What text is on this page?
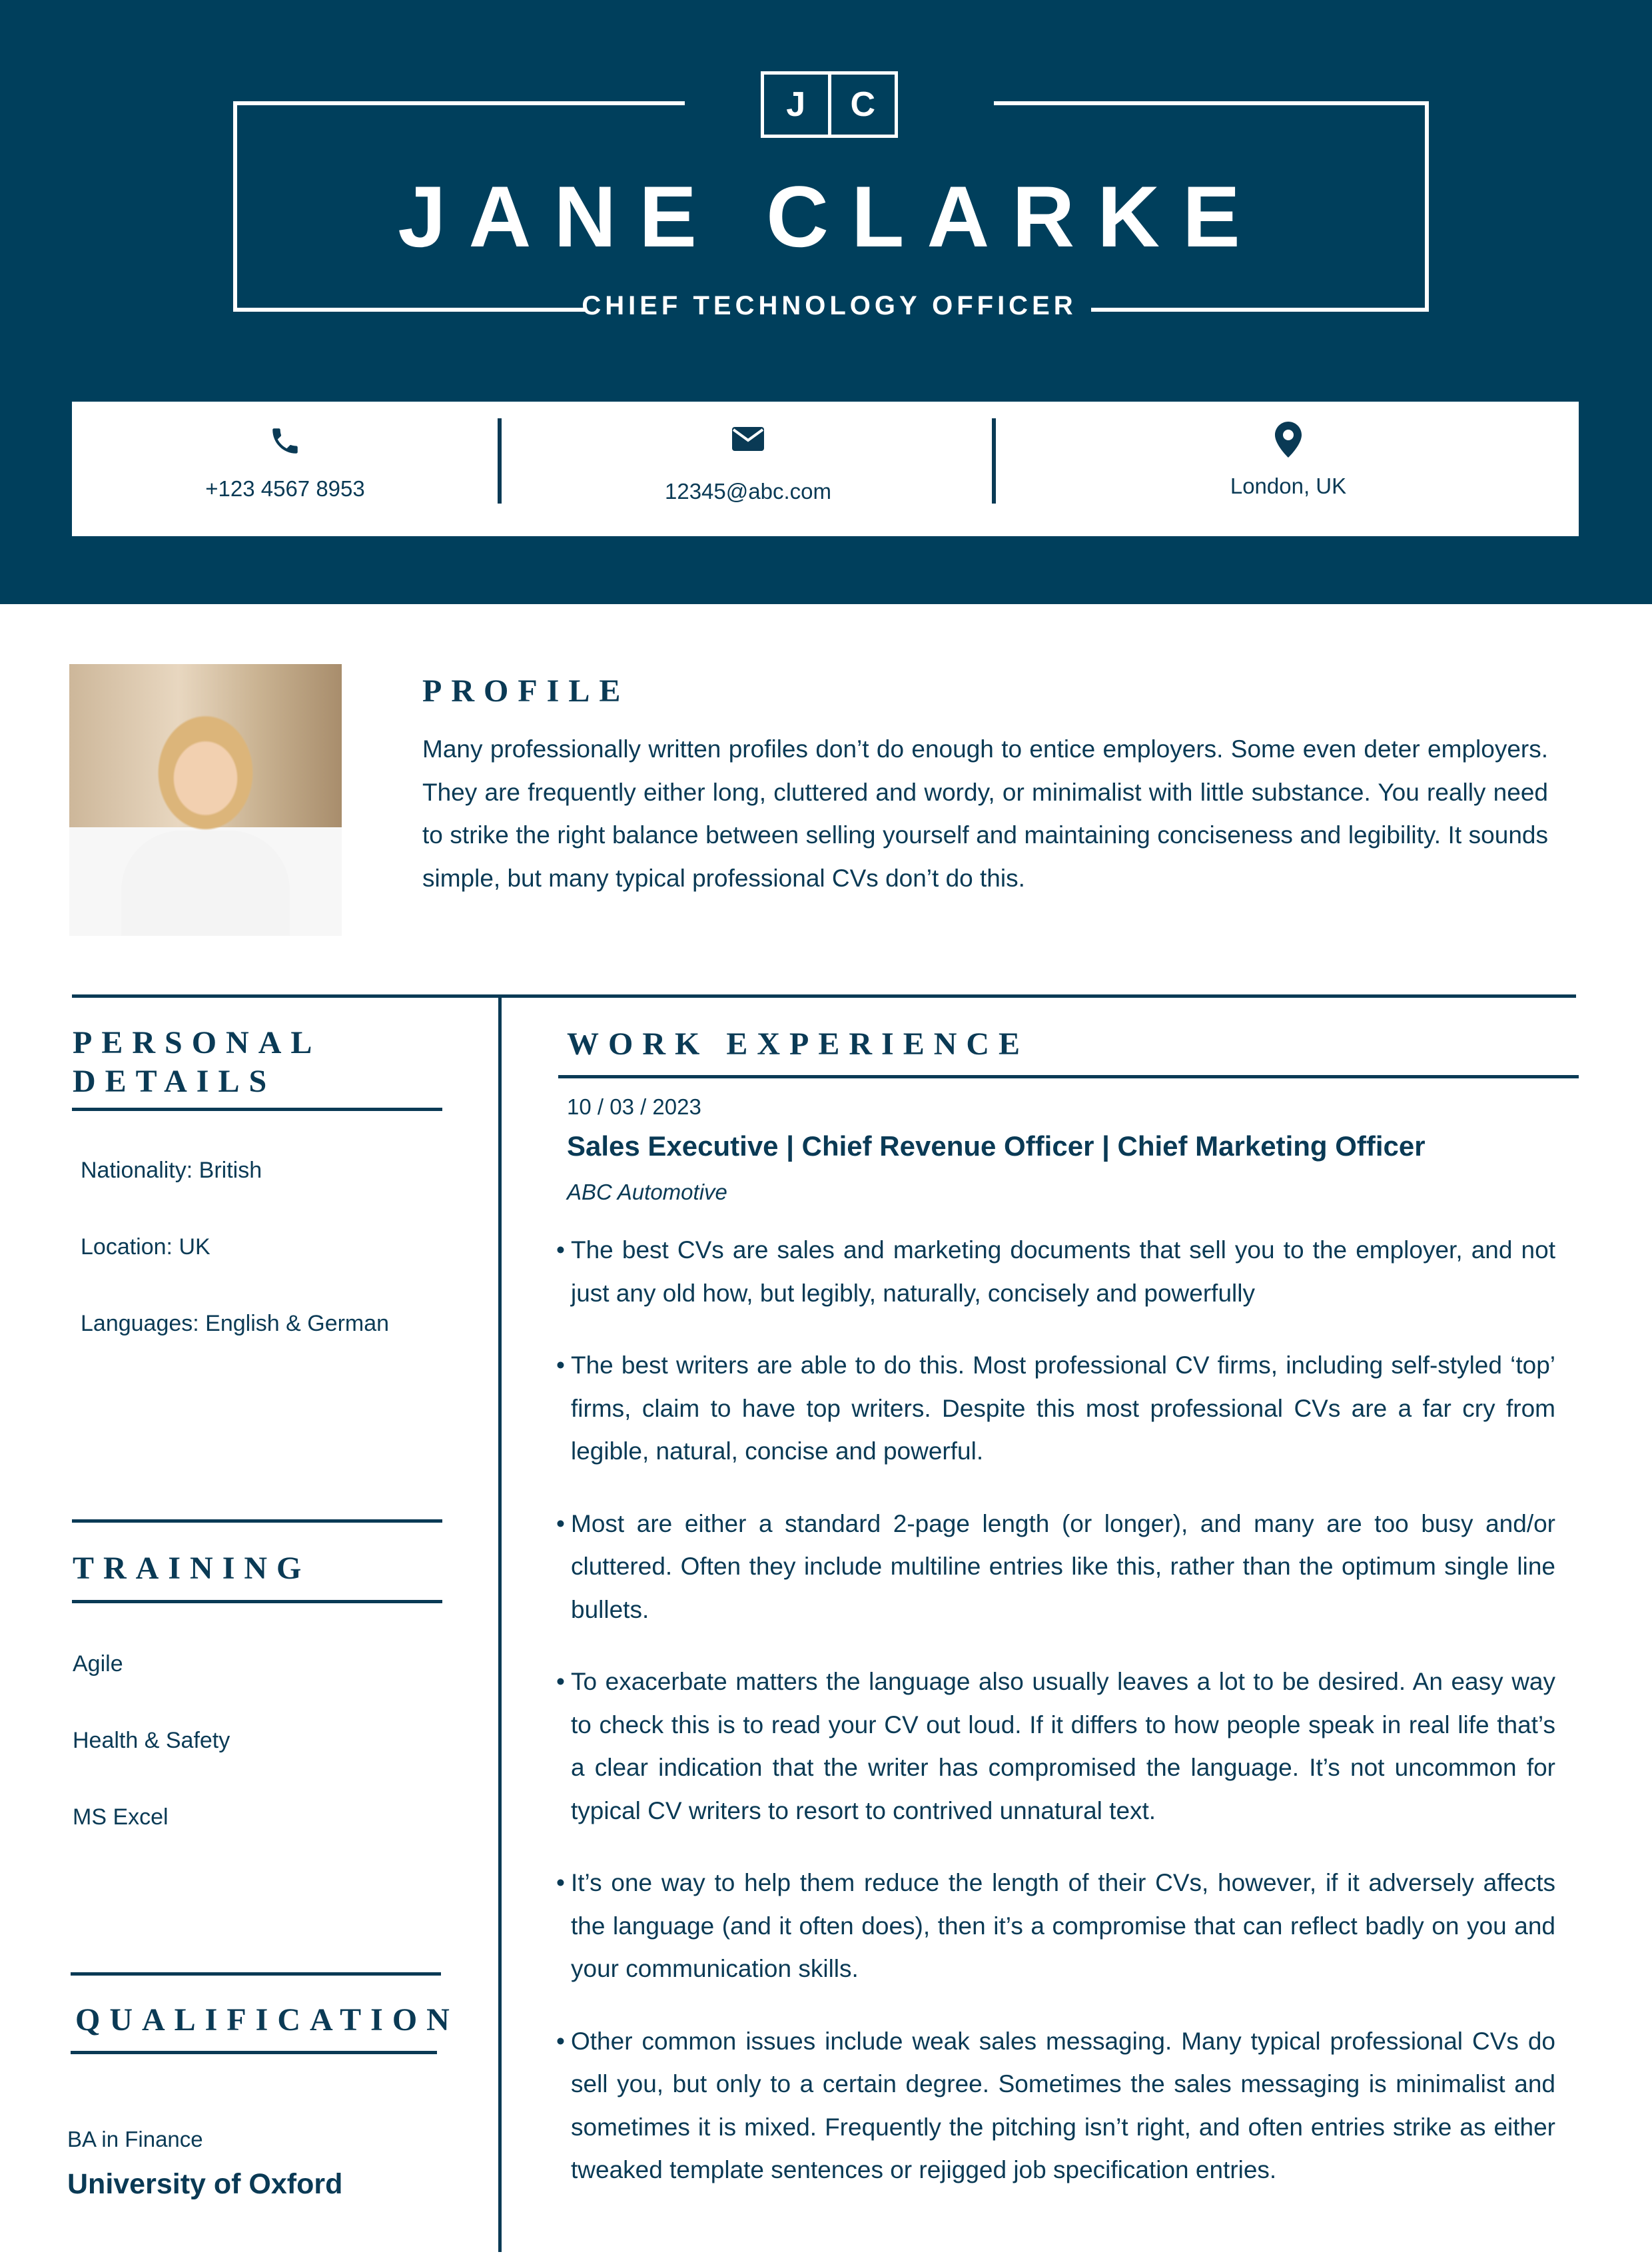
J	C
JANE CLARKE
CHIEF TECHNOLOGY OFFICER
+123 4567 8953	12345@abc.com	London, UK
PROFILE
Many professionally written profiles don’t do enough to entice employers. Some even deter employers. They are frequently either long, cluttered and wordy, or minimalist with little substance. You really need to strike the right balance between selling yourself and maintaining conciseness and legibility. It sounds simple, but many typical professional CVs don’t do this.
PERSONAL
DETAILS
Nationality: British
Location: UK
Languages: English & German
TRAINING
Agile
Health & Safety
MS Excel
QUALIFICATION
BA in Finance
University of Oxford
WORK EXPERIENCE
10 / 03 / 2023
Sales Executive | Chief Revenue Officer | Chief Marketing Officer
ABC Automotive
• The best CVs are sales and marketing documents that sell you to the employer, and not just any old how, but legibly, naturally, concisely and powerfully
• The best writers are able to do this. Most professional CV firms, including self-styled ‘top’ firms, claim to have top writers. Despite this most professional CVs are a far cry from legible, natural, concise and powerful.
• Most are either a standard 2-page length (or longer), and many are too busy and/or cluttered. Often they include multiline entries like this, rather than the optimum single line bullets.
• To exacerbate matters the language also usually leaves a lot to be desired. An easy way to check this is to read your CV out loud. If it differs to how people speak in real life that’s a clear indication that the writer has compromised the language. It’s not uncommon for typical CV writers to resort to contrived unnatural text.
• It’s one way to help them reduce the length of their CVs, however, if it adversely affects the language (and it often does), then it’s a compromise that can reflect badly on you and your communication skills.
• Other common issues include weak sales messaging. Many typical professional CVs do sell you, but only to a certain degree. Sometimes the sales messaging is minimalist and sometimes it is mixed. Frequently the pitching isn’t right, and often entries strike as either tweaked template sentences or rejigged job specification entries.
